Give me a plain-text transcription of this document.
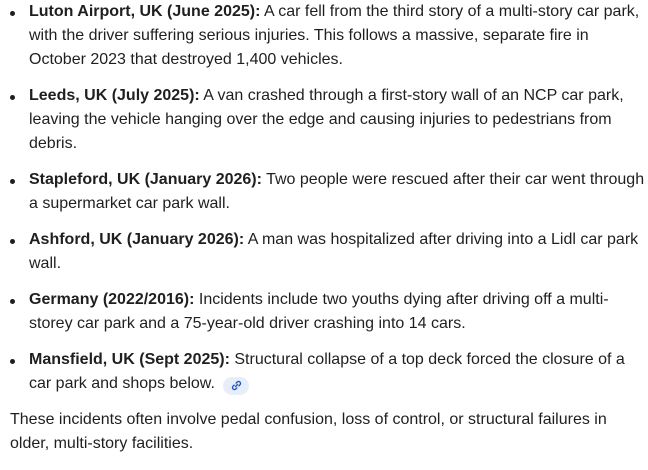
Luton Airport, UK (June 2025): A car fell from the third story of a multi-story car park, with the driver suffering serious injuries. This follows a massive, separate fire in October 2023 that destroyed 1,400 vehicles.
Leeds, UK (July 2025): A van crashed through a first-story wall of an NCP car park, leaving the vehicle hanging over the edge and causing injuries to pedestrians from debris.
Stapleford, UK (January 2026): Two people were rescued after their car went through a supermarket car park wall.
Ashford, UK (January 2026): A man was hospitalized after driving into a Lidl car park wall.
Germany (2022/2016): Incidents include two youths dying after driving off a multi-storey car park and a 75-year-old driver crashing into 14 cars.
Mansfield, UK (Sept 2025): Structural collapse of a top deck forced the closure of a car park and shops below.

These incidents often involve pedal confusion, loss of control, or structural failures in older, multi-story facilities.
